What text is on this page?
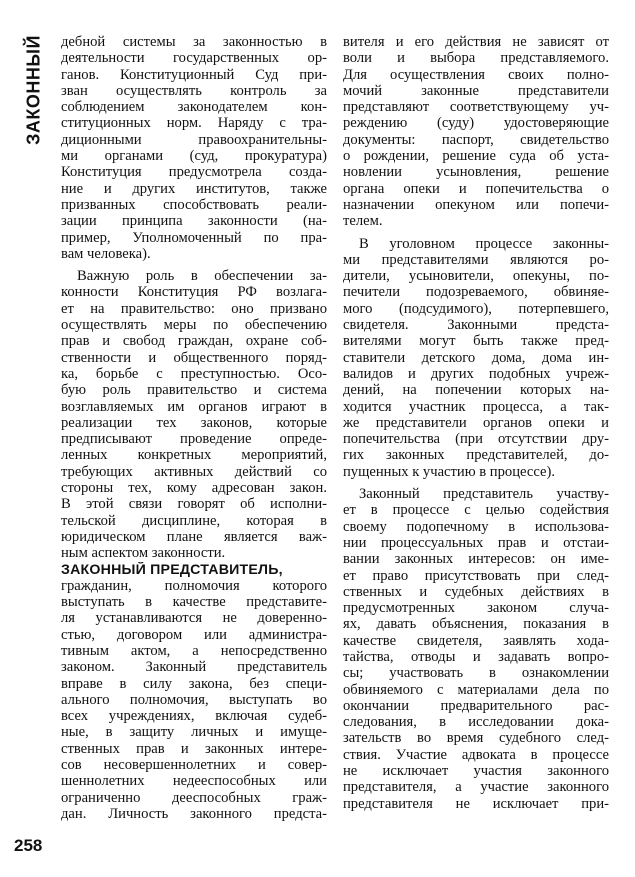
ЗАКОННЫЙ дебной системы за законностью в
деятельности государственных ор-
ганов. Конституционный Суд при-
зван осуществлять контроль за
соблюдением законодателем кон-
ституционных норм. Наряду с тра-
диционными правоохранительны-
ми органами (суд, прокуратура)
Конституция предусмотрела созда-
ние и других институтов, также
призванных способствовать реали-
зации принципа законности (на-
пример, Уполномоченный по пра-
вам человека).
Важную роль в обеспечении за-
конности Конституция РФ возлага-
ет на правительство: оно призвано
осуществлять меры по обеспечению
прав и свобод граждан, охране соб-
ственности и общественного поряд-
ка, борьбе с преступностью. Осо-
бую роль правительство и система
возглавляемых им органов играют в
реализации тех законов, которые
предписывают проведение опреде-
ленных конкретных мероприятий,
требующих активных действий со
стороны тех, кому адресован закон.
В этой связи говорят об исполни-
тельской дисциплине, которая в
юридическом плане является важ-
ным аспектом законности.
ЗАКОННЫЙ ПРЕДСТАВИТЕЛЬ,
гражданин, полномочия которого
выступать в качестве представите-
ля устанавливаются не доверенно-
стью, договором или администра-
тивным актом, а непосредственно
законом. Законный представитель
вправе в силу закона, без специ-
ального полномочия, выступать во
всех учреждениях, включая судеб-
ные, в защиту личных и имуще-
ственных прав и законных интере-
сов несовершеннолетних и совер-
шеннолетних недееспособных или
ограниченно дееспособных граж-
дан. Личность законного предста-
вителя и его действия не зависят от
воли и выбора представляемого.
Для осуществления своих полно-
мочий законные представители
представляют соответствующему уч-
реждению (суду) удостоверяющие
документы: паспорт, свидетельство
о рождении, решение суда об уста-
новлении усыновления, решение
органа опеки и попечительства о
назначении опекуном или попечи-
телем.
В уголовном процессе законны-
ми представителями являются ро-
дители, усыновители, опекуны, по-
печители подозреваемого, обвиняе-
мого (подсудимого), потерпевшего,
свидетеля. Законными предста-
вителями могут быть также пред-
ставители детского дома, дома ин-
валидов и других подобных учреж-
дений, на попечении которых на-
ходится участник процесса, а так-
же представители органов опеки и
попечительства (при отсутствии дру-
гих законных представителей, до-
пущенных к участию в процессе).
Законный представитель участву-
ет в процессе с целью содействия
своему подопечному в использова-
нии процессуальных прав и отстаи-
вании законных интересов: он име-
ет право присутствовать при след-
ственных и судебных действиях в
предусмотренных законом случа-
ях, давать объяснения, показания в
качестве свидетеля, заявлять хода-
тайства, отводы и задавать вопро-
сы; участвовать в ознакомлении
обвиняемого с материалами дела по
окончании предварительного рас-
следования, в исследовании дока-
зательств во время судебного след-
ствия. Участие адвоката в процессе
не исключает участия законного
представителя, а участие законного
представителя не исключает при-
258
